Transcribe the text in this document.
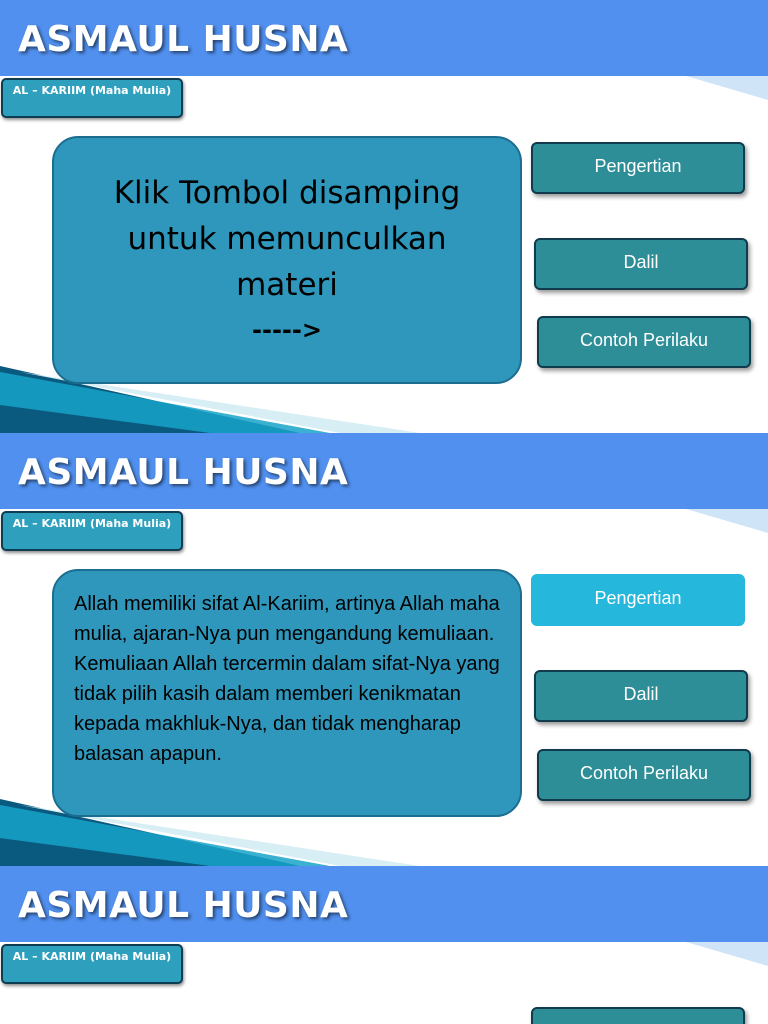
ASMAUL HUSNA
AL – KARIIM (Maha Mulia)
Klik Tombol disamping
untuk memunculkan
materi
----->
Pengertian
Dalil
Contoh Perilaku
ASMAUL HUSNA
AL – KARIIM (Maha Mulia)
Allah memiliki sifat Al-Kariim, artinya Allah maha mulia, ajaran-Nya pun mengandung kemuliaan. Kemuliaan Allah tercermin dalam sifat-Nya yang tidak pilih kasih dalam memberi kenikmatan kepada makhluk-Nya, dan tidak mengharap balasan apapun.
Pengertian
Dalil
Contoh Perilaku
ASMAUL HUSNA
AL – KARIIM (Maha Mulia)
